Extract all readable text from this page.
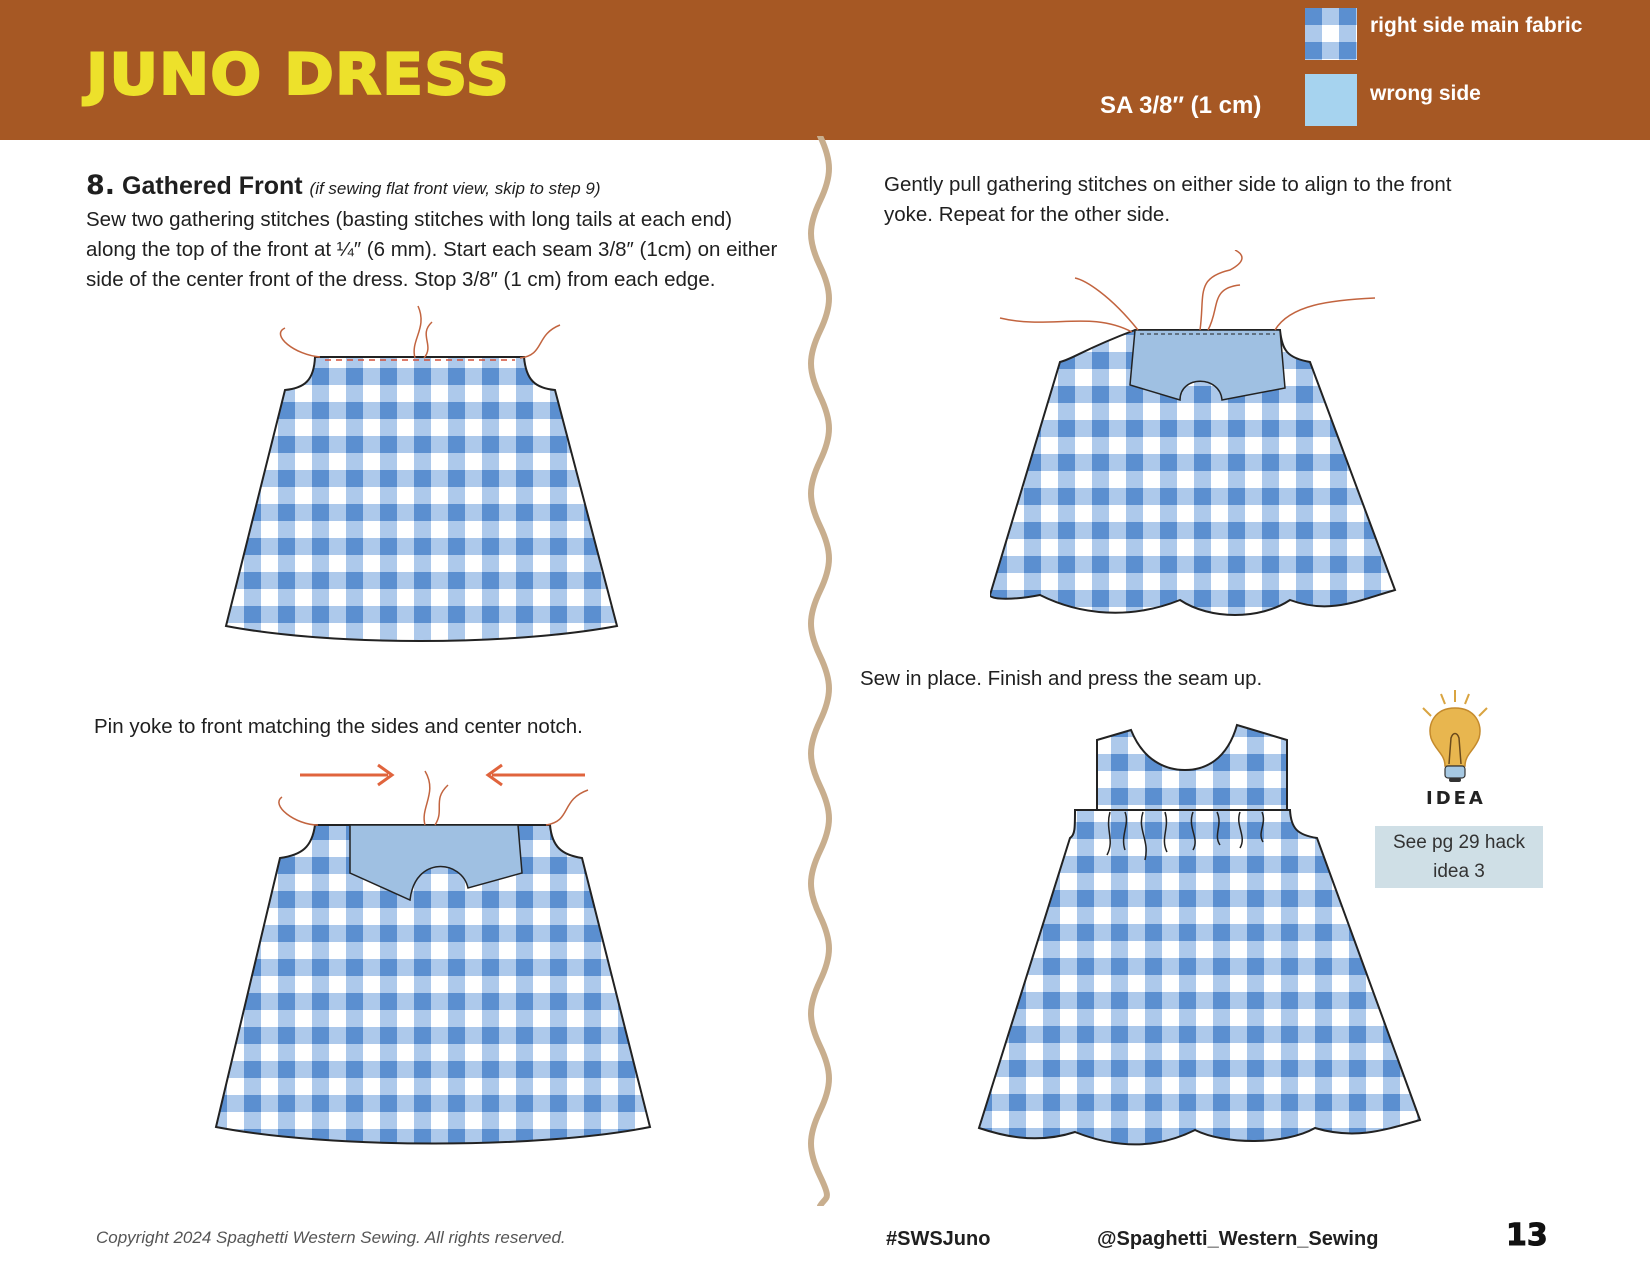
JUNO DRESS	SA 3/8″ (1 cm)
right side main fabric
wrong side
8. Gathered Front (if sewing flat front view, skip to step 9)
Sew two gathering stitches (basting stitches with long tails at each end) along the top of the front at ¼″ (6 mm). Start each seam 3/8″ (1cm) on either side of the center front of the dress. Stop 3/8″ (1 cm) from each edge.
Pin yoke to front matching the sides and center notch.
Gently pull gathering stitches on either side to align to the front yoke. Repeat for the other side.
Sew in place. Finish and press the seam up.
IDEA
See pg 29 hack idea 3
Copyright 2024 Spaghetti Western Sewing. All rights reserved.	#SWSJuno	@Spaghetti_Western_Sewing	13
